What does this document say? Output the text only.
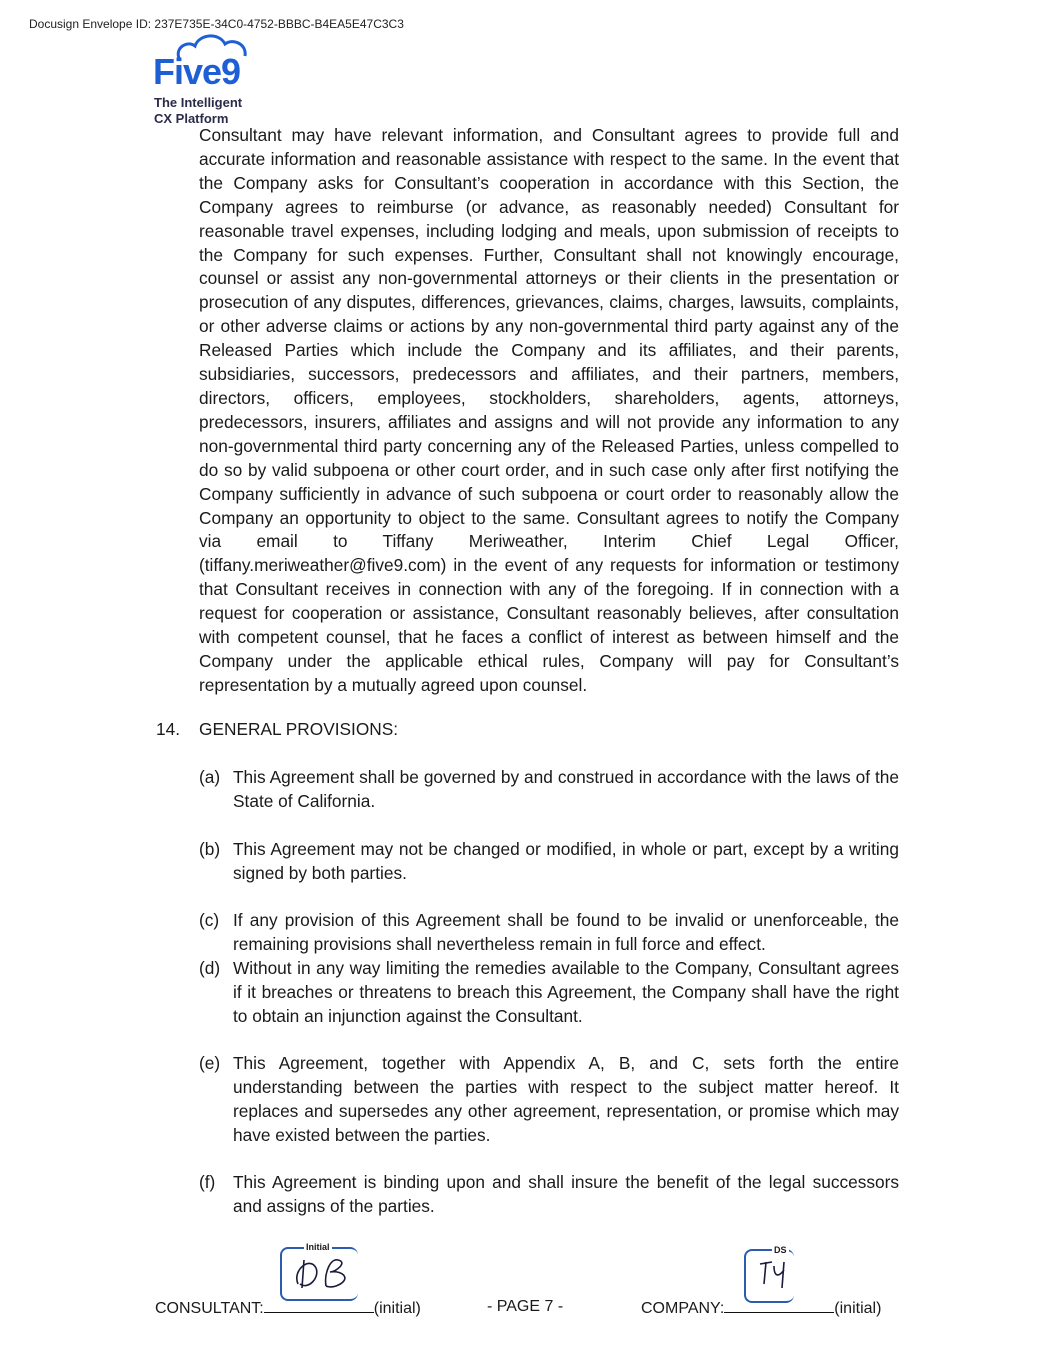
Docusign Envelope ID: 237E735E-34C0-4752-BBBC-B4EA5E47C3C3
Five9
The Intelligent
CX Platform
Consultant may have relevant information, and Consultant agrees to provide full and accurate information and reasonable assistance with respect to the same. In the event that the Company asks for Consultant’s cooperation in accordance with this Section, the Company agrees to reimburse (or advance, as reasonably needed) Consultant for reasonable travel expenses, including lodging and meals, upon submission of receipts to the Company for such expenses. Further, Consultant shall not knowingly encourage, counsel or assist any non-governmental attorneys or their clients in the presentation or prosecution of any disputes, differences, grievances, claims, charges, lawsuits, complaints, or other adverse claims or actions by any non-governmental third party against any of the Released Parties which include the Company and its affiliates, and their parents, subsidiaries, successors, predecessors and affiliates, and their partners, members, directors, officers, employees, stockholders, shareholders, agents, attorneys, predecessors, insurers, affiliates and assigns and will not provide any information to any non-governmental third party concerning any of the Released Parties, unless compelled to do so by valid subpoena or other court order, and in such case only after first notifying the Company sufficiently in advance of such subpoena or court order to reasonably allow the Company an opportunity to object to the same. Consultant agrees to notify the Company via email to Tiffany Meriweather, Interim Chief Legal Officer, (tiffany.meriweather@five9.com) in the event of any requests for information or testimony that Consultant receives in connection with any of the foregoing. If in connection with a request for cooperation or assistance, Consultant reasonably believes, after consultation with competent counsel, that he faces a conflict of interest as between himself and the Company under the applicable ethical rules, Company will pay for Consultant’s representation by a mutually agreed upon counsel.
14.	GENERAL PROVISIONS:
(a) This Agreement shall be governed by and construed in accordance with the laws of the State of California.
(b) This Agreement may not be changed or modified, in whole or part, except by a writing signed by both parties.
(c) If any provision of this Agreement shall be found to be invalid or unenforceable, the remaining provisions shall nevertheless remain in full force and effect.
(d) Without in any way limiting the remedies available to the Company, Consultant agrees if it breaches or threatens to breach this Agreement, the Company shall have the right to obtain an injunction against the Consultant.
(e) This Agreement, together with Appendix A, B, and C, sets forth the entire understanding between the parties with respect to the subject matter hereof. It replaces and supersedes any other agreement, representation, or promise which may have existed between the parties.
(f)	This Agreement is binding upon and shall insure the benefit of the legal successors and assigns of the parties.
Initial	DS
CONSULTANT:	(initial)	- PAGE 7 -	COMPANY:	(initial)
